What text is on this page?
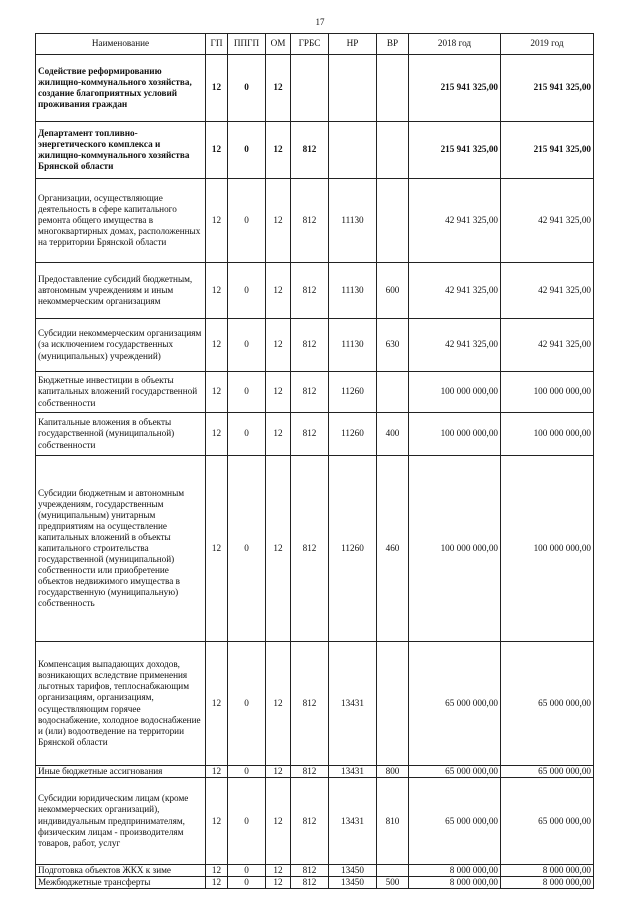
17
Наименование	ГП	ППГП	ОМ	ГРБС	НР	ВР	2018 год	2019 год
Содействие реформированию жилищно-коммунального хозяйства, создание благоприятных условий проживания граждан	12	0	12				215 941 325,00	215 941 325,00
Департамент топливно-энергетического комплекса и жилищно-коммунального хозяйства Брянской области	12	0	12	812			215 941 325,00	215 941 325,00
Организации, осуществляющие деятельность в сфере капитального ремонта общего имущества в многоквартирных домах, расположенных на территории Брянской области	12	0	12	812	11130		42 941 325,00	42 941 325,00
Предоставление субсидий бюджетным, автономным учреждениям и иным некоммерческим организациям	12	0	12	812	11130	600	42 941 325,00	42 941 325,00
Субсидии некоммерческим организациям (за исключением государственных (муниципальных) учреждений)	12	0	12	812	11130	630	42 941 325,00	42 941 325,00
Бюджетные инвестиции в объекты капитальных вложений государственной собственности	12	0	12	812	11260		100 000 000,00	100 000 000,00
Капитальные вложения в объекты государственной (муниципальной) собственности	12	0	12	812	11260	400	100 000 000,00	100 000 000,00
Субсидии бюджетным и автономным учреждениям, государственным (муниципальным) унитарным предприятиям на осуществление капитальных вложений в объекты капитального строительства государственной (муниципальной) собственности или приобретение объектов недвижимого имущества в государственную (муниципальную) собственность	12	0	12	812	11260	460	100 000 000,00	100 000 000,00
Компенсация выпадающих доходов, возникающих вследствие применения льготных тарифов, теплоснабжающим организациям, организациям, осуществляющим горячее водоснабжение, холодное водоснабжение и (или) водоотведение на территории Брянской области	12	0	12	812	13431		65 000 000,00	65 000 000,00
Иные бюджетные ассигнования	12	0	12	812	13431	800	65 000 000,00	65 000 000,00
Субсидии юридическим лицам (кроме некоммерческих организаций), индивидуальным предпринимателям, физическим лицам - производителям товаров, работ, услуг	12	0	12	812	13431	810	65 000 000,00	65 000 000,00
Подготовка объектов ЖКХ к зиме	12	0	12	812	13450		8 000 000,00	8 000 000,00
Межбюджетные трансферты	12	0	12	812	13450	500	8 000 000,00	8 000 000,00
